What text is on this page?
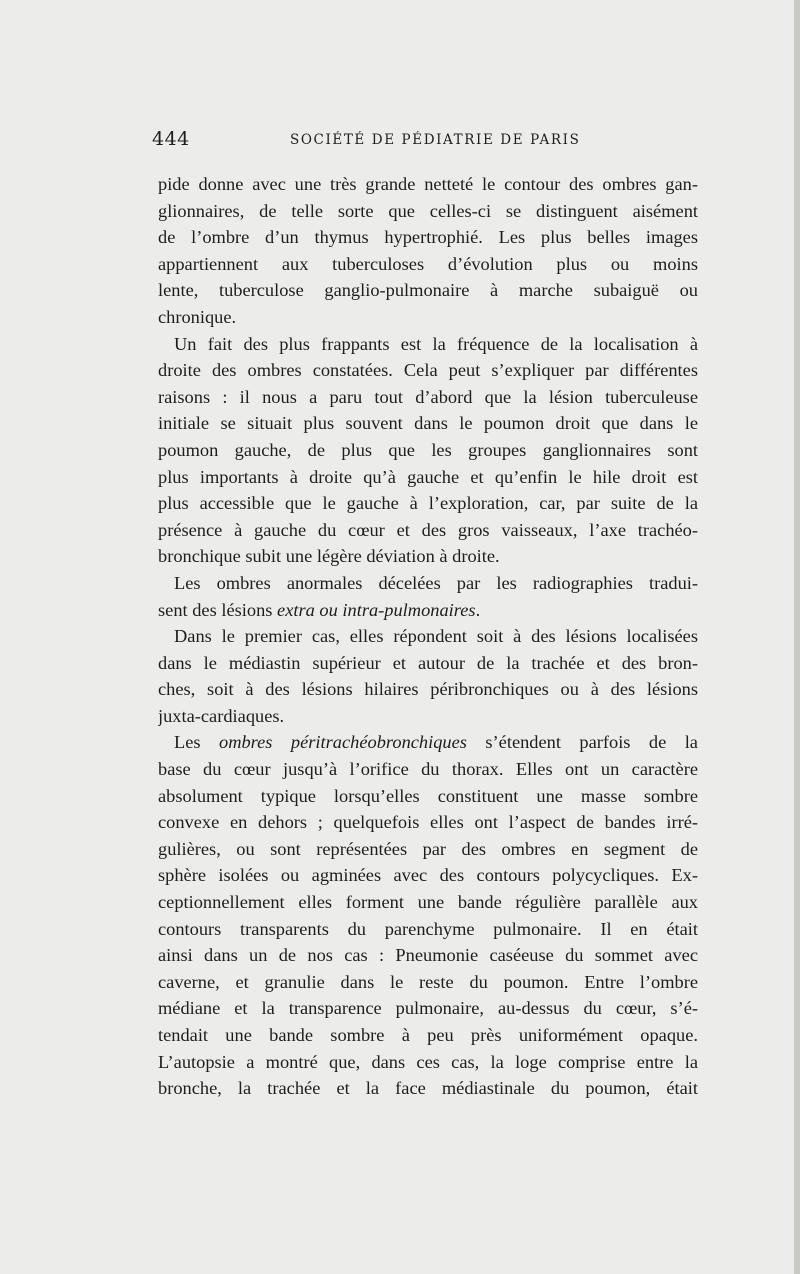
444	SOCIÉTÉ DE PÉDIATRIE DE PARIS
pide donne avec une très grande netteté le contour des ombres gan-
glionnaires, de telle sorte que celles-ci se distinguent aisément
de l’ombre d’un thymus hypertrophié. Les plus belles images
appartiennent aux tuberculoses d’évolution plus ou moins
lente, tuberculose ganglio-pulmonaire à marche subaiguë ou
chronique.
Un fait des plus frappants est la fréquence de la localisation à
droite des ombres constatées. Cela peut s’expliquer par différentes
raisons : il nous a paru tout d’abord que la lésion tuberculeuse
initiale se situait plus souvent dans le poumon droit que dans le
poumon gauche, de plus que les groupes ganglionnaires sont
plus importants à droite qu’à gauche et qu’enfin le hile droit est
plus accessible que le gauche à l’exploration, car, par suite de la
présence à gauche du cœur et des gros vaisseaux, l’axe trachéo-
bronchique subit une légère déviation à droite.
Les ombres anormales décelées par les radiographies tradui-
sent des lésions extra ou intra-pulmonaires.
Dans le premier cas, elles répondent soit à des lésions localisées
dans le médiastin supérieur et autour de la trachée et des bron-
ches, soit à des lésions hilaires péribronchiques ou à des lésions
juxta-cardiaques.
Les ombres péritrachéobronchiques s’étendent parfois de la
base du cœur jusqu’à l’orifice du thorax. Elles ont un caractère
absolument typique lorsqu’elles constituent une masse sombre
convexe en dehors ; quelquefois elles ont l’aspect de bandes irré-
gulières, ou sont représentées par des ombres en segment de
sphère isolées ou agminées avec des contours polycycliques. Ex-
ceptionnellement elles forment une bande régulière parallèle aux
contours transparents du parenchyme pulmonaire. Il en était
ainsi dans un de nos cas : Pneumonie caséeuse du sommet avec
caverne, et granulie dans le reste du poumon. Entre l’ombre
médiane et la transparence pulmonaire, au-dessus du cœur, s’é-
tendait une bande sombre à peu près uniformément opaque.
L’autopsie a montré que, dans ces cas, la loge comprise entre la
bronche, la trachée et la face médiastinale du poumon, était
